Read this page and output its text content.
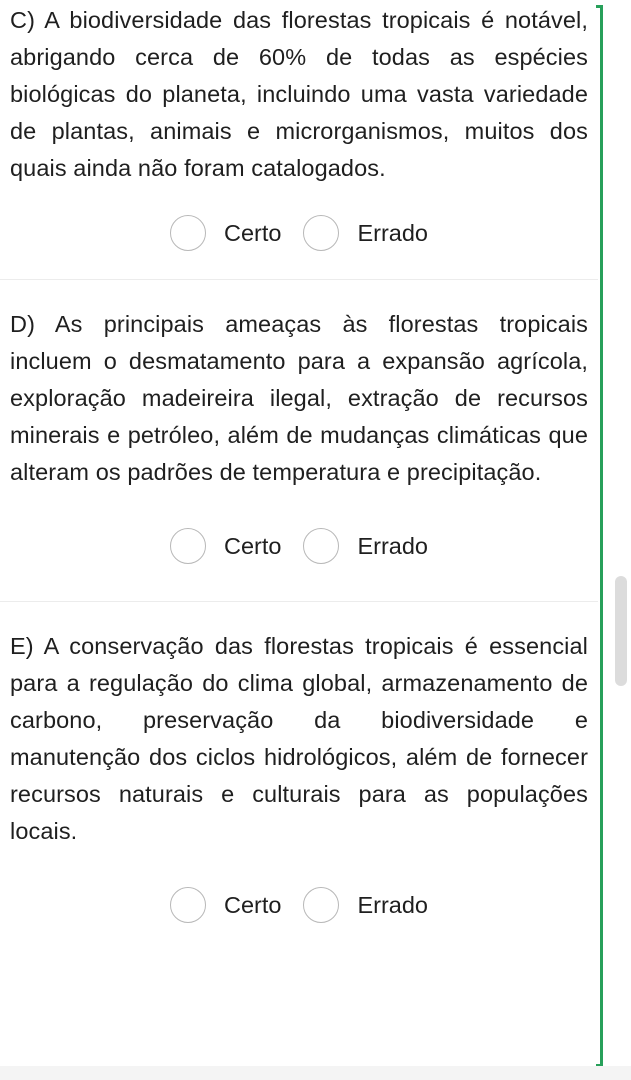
C) A biodiversidade das florestas tropicais é notável, abrigando cerca de 60% de todas as espécies biológicas do planeta, incluindo uma vasta variedade de plantas, animais e microrganismos, muitos dos quais ainda não foram catalogados.

Certo	Errado

D) As principais ameaças às florestas tropicais incluem o desmatamento para a expansão agrícola, exploração madeireira ilegal, extração de recursos minerais e petróleo, além de mudanças climáticas que alteram os padrões de temperatura e precipitação.

Certo	Errado

E) A conservação das florestas tropicais é essencial para a regulação do clima global, armazenamento de carbono, preservação da biodiversidade e manutenção dos ciclos hidrológicos, além de fornecer recursos naturais e culturais para as populações locais.

Certo	Errado
